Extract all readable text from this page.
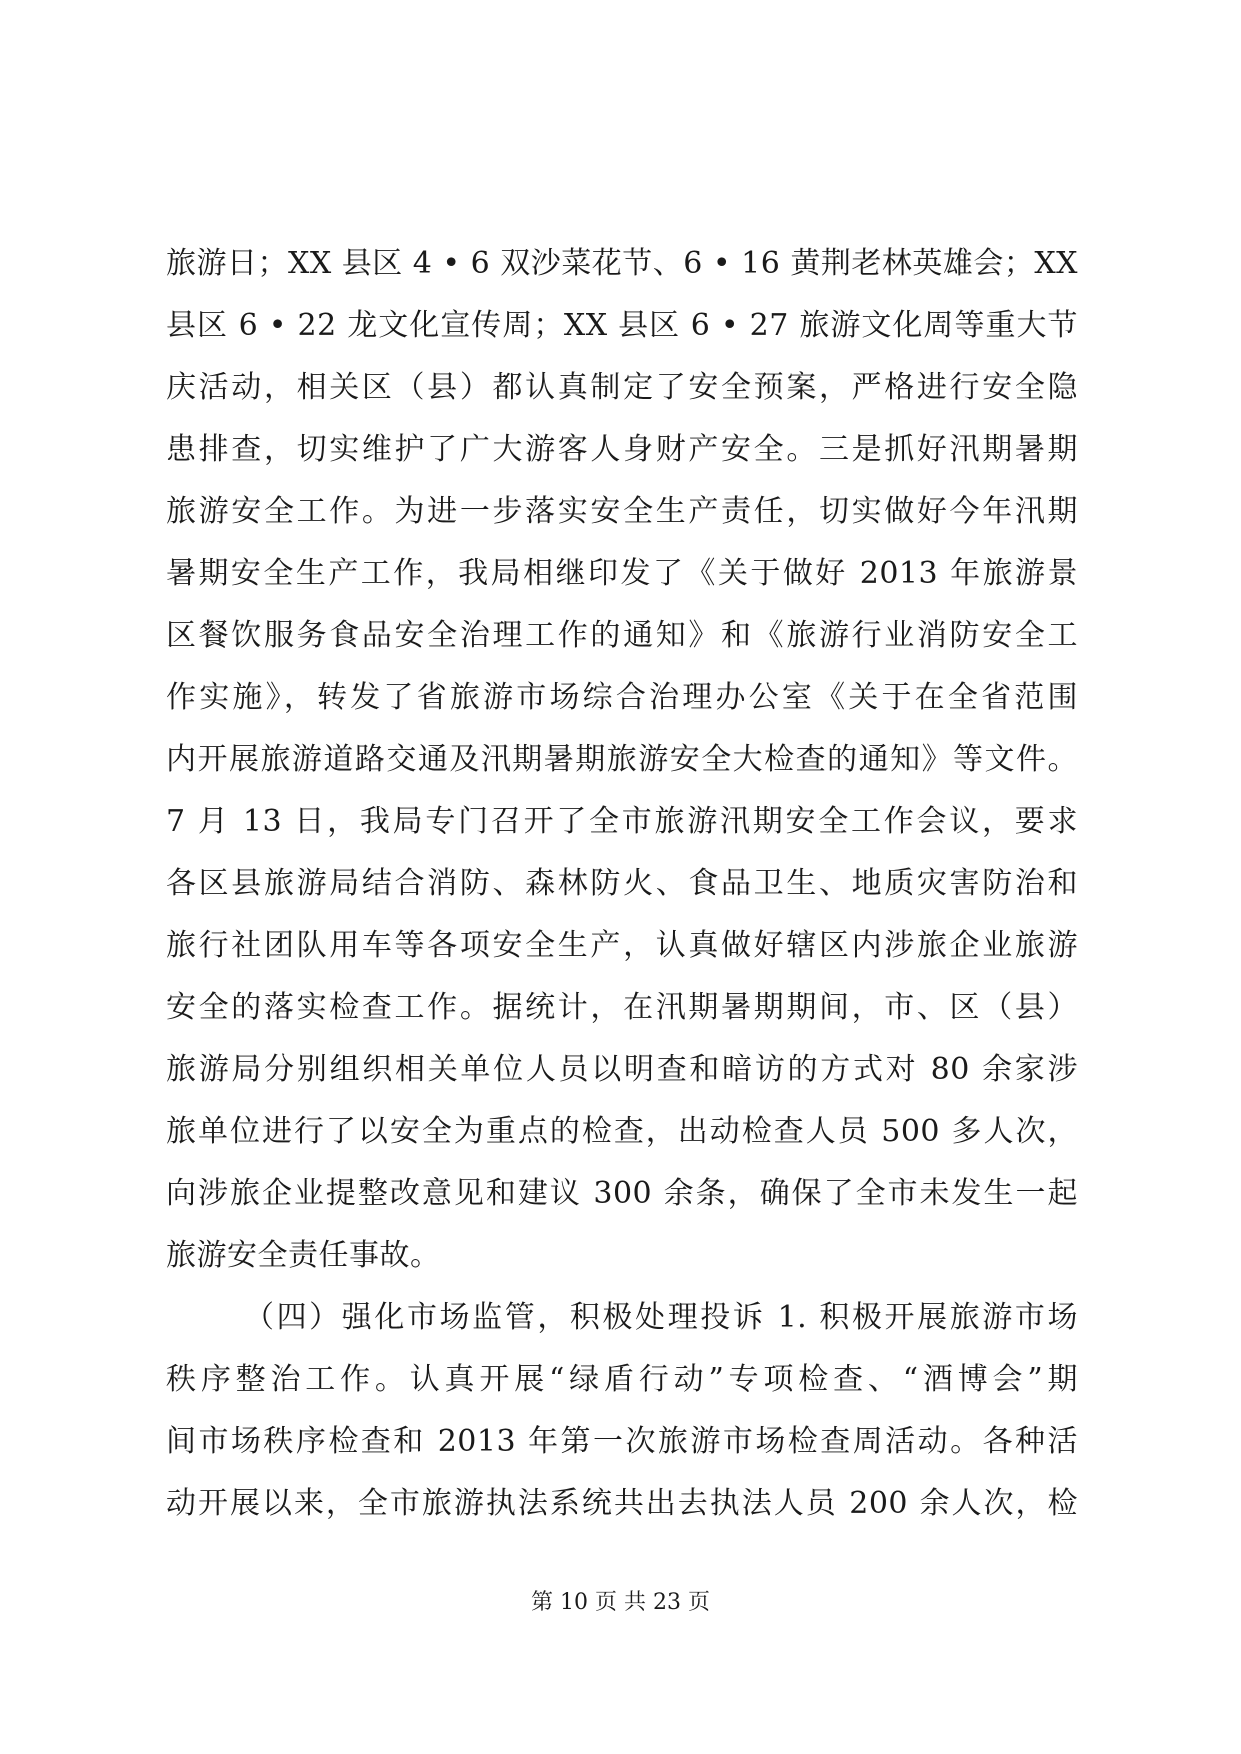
旅游日；XX 县区 4 • 6 双沙菜花节、6 • 16 黄荆老林英雄会；XX
县区 6 • 22 龙文化宣传周；XX 县区 6 • 27 旅游文化周等重大节
庆活动，相关区（县）都认真制定了安全预案，严格进行安全隐
患排查，切实维护了广大游客人身财产安全。三是抓好汛期暑期
旅游安全工作。为进一步落实安全生产责任，切实做好今年汛期
暑期安全生产工作，我局相继印发了《关于做好 2013 年旅游景
区餐饮服务食品安全治理工作的通知》和《旅游行业消防安全工
作实施》，转发了省旅游市场综合治理办公室《关于在全省范围
内开展旅游道路交通及汛期暑期旅游安全大检查的通知》等文件。
7 月 13 日，我局专门召开了全市旅游汛期安全工作会议，要求
各区县旅游局结合消防、森林防火、食品卫生、地质灾害防治和
旅行社团队用车等各项安全生产，认真做好辖区内涉旅企业旅游
安全的落实检查工作。据统计，在汛期暑期期间，市、区（县）
旅游局分别组织相关单位人员以明查和暗访的方式对 80 余家涉
旅单位进行了以安全为重点的检查，出动检查人员 500 多人次，
向涉旅企业提整改意见和建议 300 余条，确保了全市未发生一起
旅游安全责任事故。
（四）强化市场监管，积极处理投诉 1. 积极开展旅游市场
秩序整治工作。认真开展“绿盾行动”专项检查、“酒博会”期
间市场秩序检查和 2013 年第一次旅游市场检查周活动。各种活
动开展以来，全市旅游执法系统共出去执法人员 200 余人次，检
第 10 页 共 23 页
